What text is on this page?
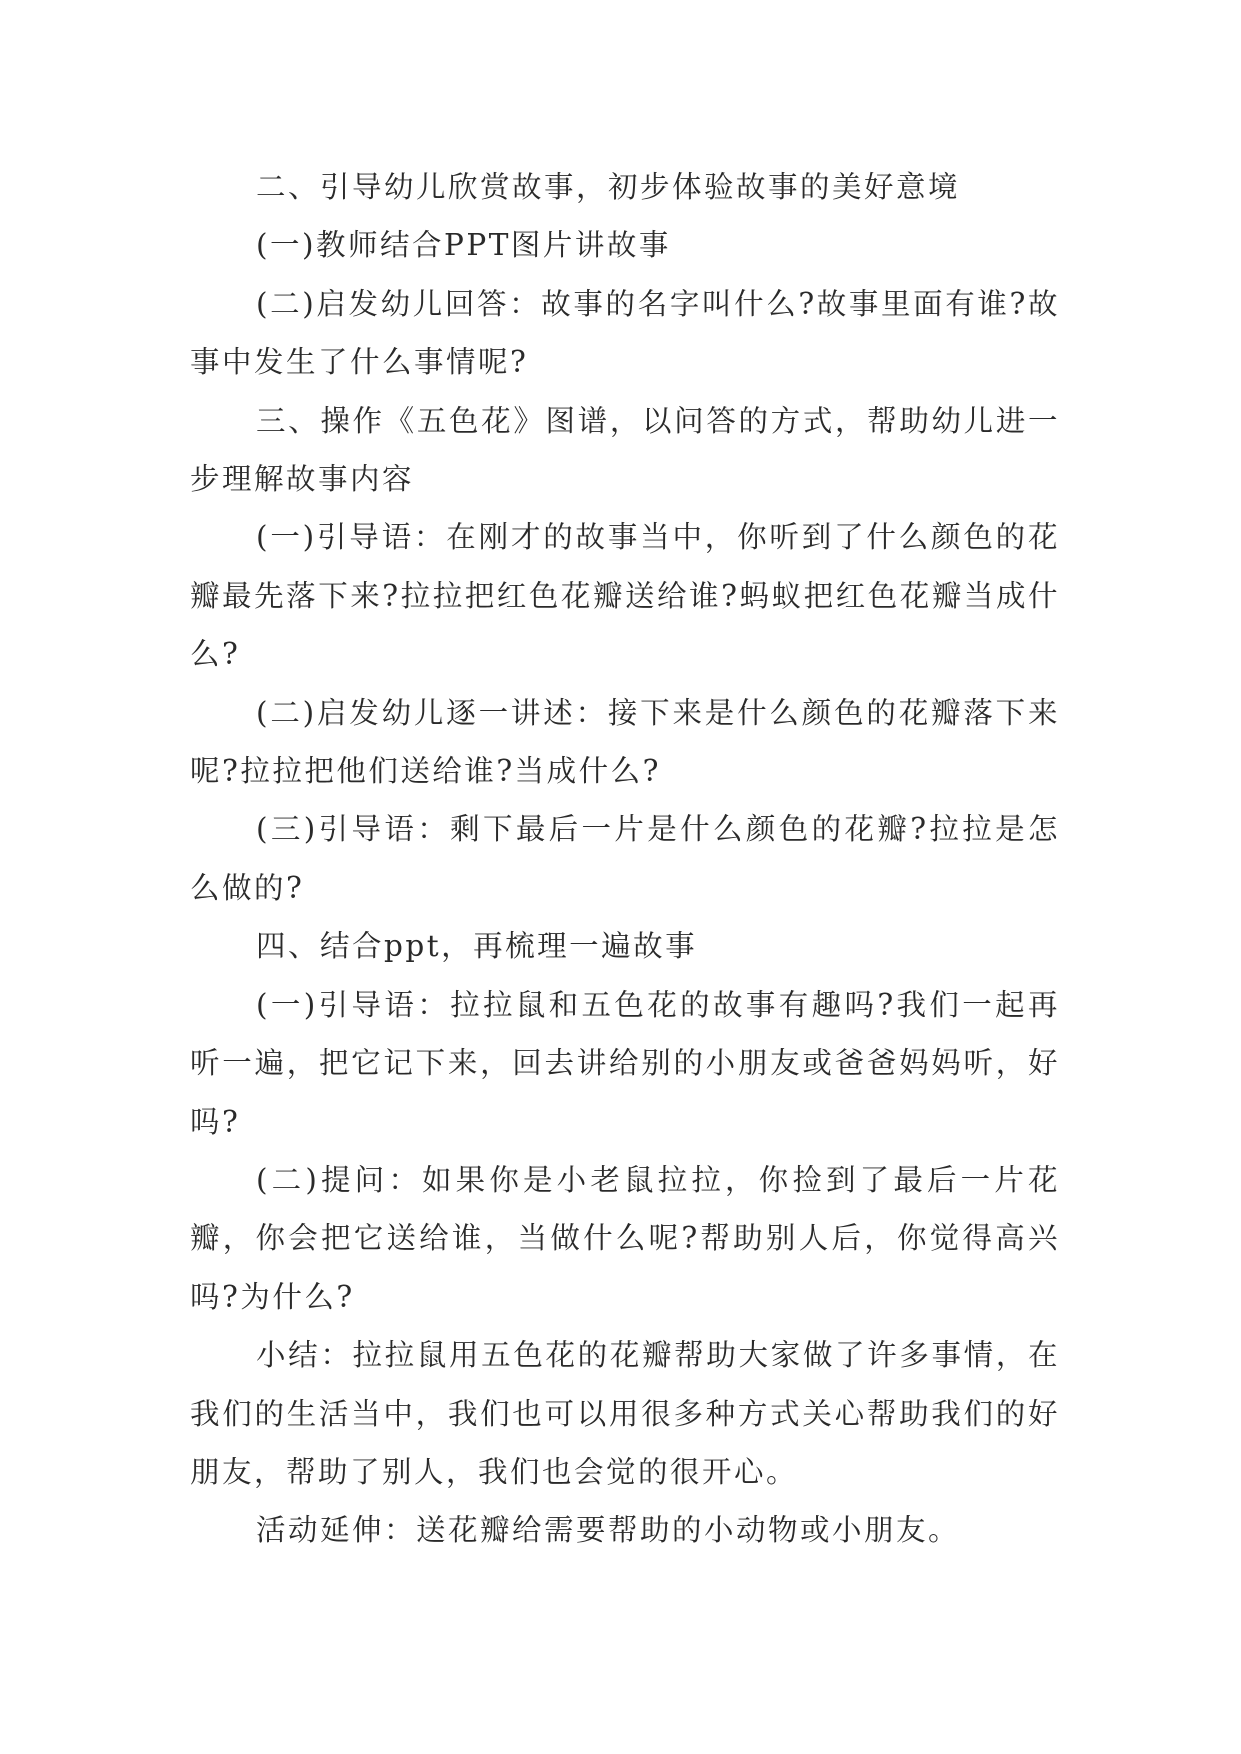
二、引导幼儿欣赏故事，初步体验故事的美好意境

(一)教师结合PPT图片讲故事

(二)启发幼儿回答：故事的名字叫什么?故事里面有谁?故事中发生了什么事情呢?

三、操作《五色花》图谱，以问答的方式，帮助幼儿进一步理解故事内容

(一)引导语：在刚才的故事当中，你听到了什么颜色的花瓣最先落下来?拉拉把红色花瓣送给谁?蚂蚁把红色花瓣当成什么?

(二)启发幼儿逐一讲述：接下来是什么颜色的花瓣落下来呢?拉拉把他们送给谁?当成什么?

(三)引导语：剩下最后一片是什么颜色的花瓣?拉拉是怎么做的?

四、结合ppt，再梳理一遍故事

(一)引导语：拉拉鼠和五色花的故事有趣吗?我们一起再听一遍，把它记下来，回去讲给别的小朋友或爸爸妈妈听，好吗?

(二)提问：如果你是小老鼠拉拉，你捡到了最后一片花瓣，你会把它送给谁，当做什么呢?帮助别人后，你觉得高兴吗?为什么?

小结：拉拉鼠用五色花的花瓣帮助大家做了许多事情，在我们的生活当中，我们也可以用很多种方式关心帮助我们的好朋友，帮助了别人，我们也会觉的很开心。

活动延伸：送花瓣给需要帮助的小动物或小朋友。
